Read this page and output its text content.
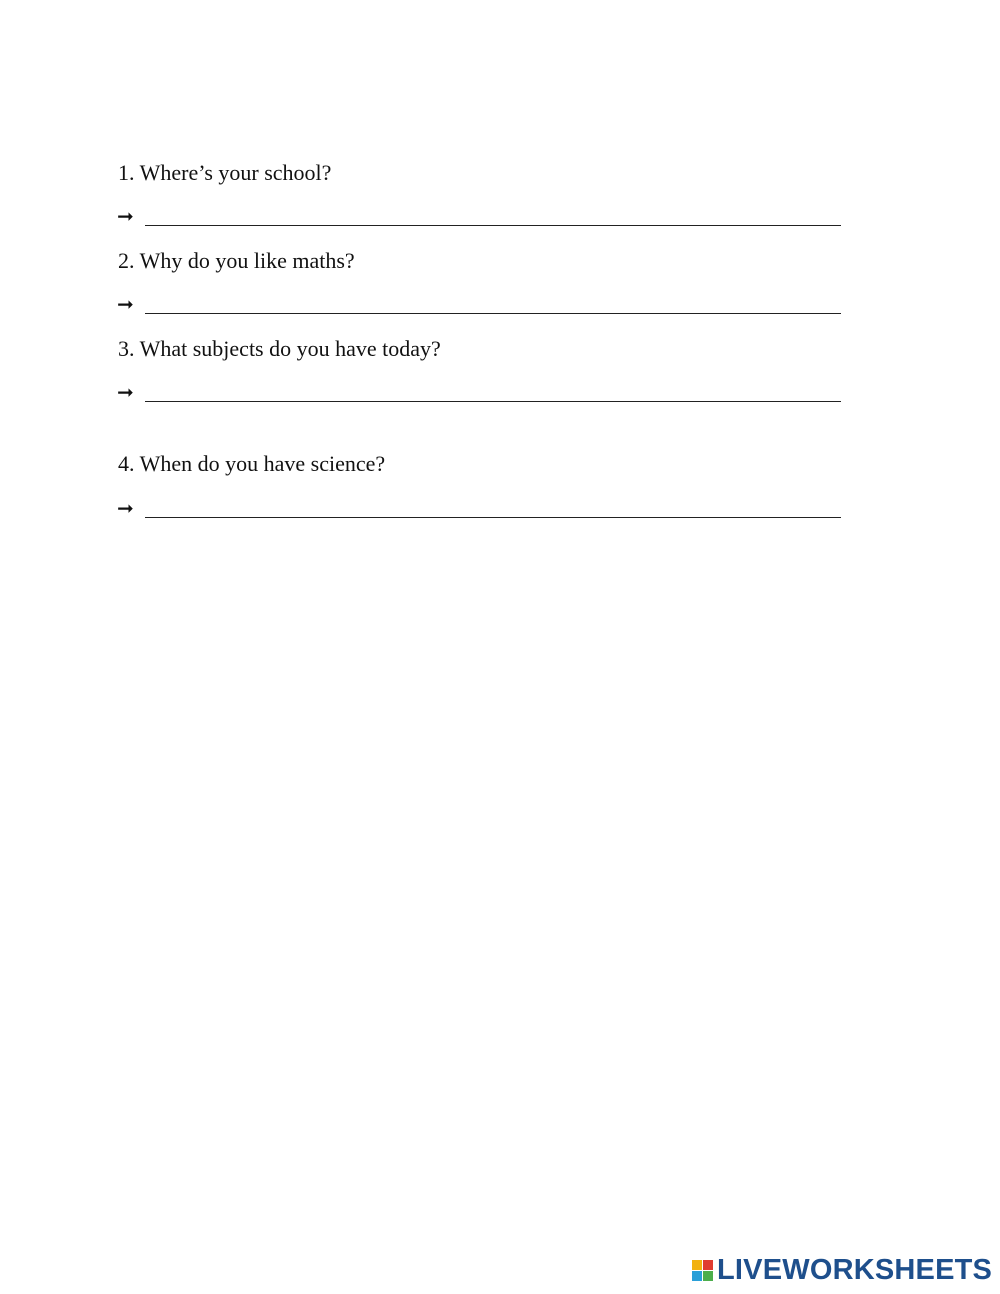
1. Where’s your school?
➞
2. Why do you like maths?
➞
3. What subjects do you have today?
➞
4. When do you have science?
➞
LIVEWORKSHEETS
